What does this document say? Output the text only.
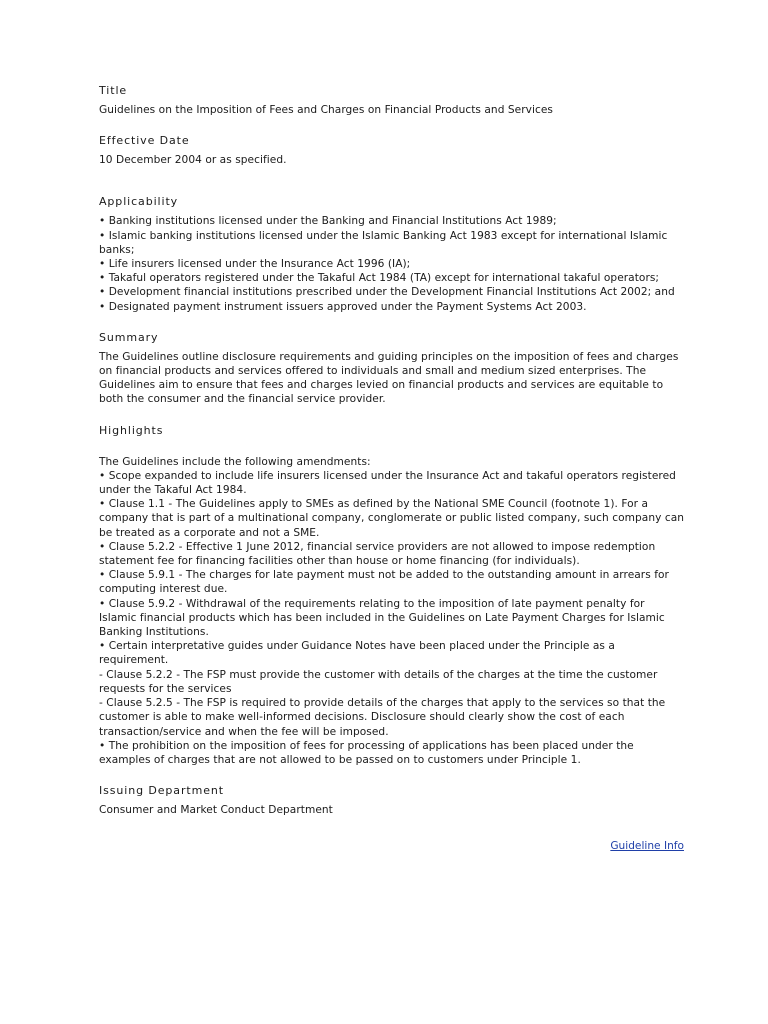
Title

Guidelines on the Imposition of Fees and Charges on Financial Products and Services

Effective Date

10 December 2004 or as specified.

Applicability

• Banking institutions licensed under the Banking and Financial Institutions Act 1989;

• Islamic banking institutions licensed under the Islamic Banking Act 1983 except for international Islamic banks;

• Life insurers licensed under the Insurance Act 1996 (IA);

• Takaful operators registered under the Takaful Act 1984 (TA) except for international takaful operators;

• Development financial institutions prescribed under the Development Financial Institutions Act 2002; and

• Designated payment instrument issuers approved under the Payment Systems Act 2003.

Summary

The Guidelines outline disclosure requirements and guiding principles on the imposition of fees and charges on financial products and services offered to individuals and small and medium sized enterprises. The Guidelines aim to ensure that fees and charges levied on financial products and services are equitable to both the consumer and the financial service provider.

Highlights

The Guidelines include the following amendments:

• Scope expanded to include life insurers licensed under the Insurance Act and takaful operators registered under the Takaful Act 1984.

• Clause 1.1 - The Guidelines apply to SMEs as defined by the National SME Council (footnote 1). For a company that is part of a multinational company, conglomerate or public listed company, such company can be treated as a corporate and not a SME.

• Clause 5.2.2 - Effective 1 June 2012, financial service providers are not allowed to impose redemption statement fee for financing facilities other than house or home financing (for individuals).

• Clause 5.9.1 - The charges for late payment must not be added to the outstanding amount in arrears for computing interest due.

• Clause 5.9.2 - Withdrawal of the requirements relating to the imposition of late payment penalty for Islamic financial products which has been included in the Guidelines on Late Payment Charges for Islamic Banking Institutions.

• Certain interpretative guides under Guidance Notes have been placed under the Principle as a requirement.

- Clause 5.2.2 - The FSP must provide the customer with details of the charges at the time the customer requests for the services

- Clause 5.2.5 - The FSP is required to provide details of the charges that apply to the services so that the customer is able to make well-informed decisions. Disclosure should clearly show the cost of each transaction/service and when the fee will be imposed.

• The prohibition on the imposition of fees for processing of applications has been placed under the examples of charges that are not allowed to be passed on to customers under Principle 1.

Issuing Department

Consumer and Market Conduct Department

Guideline Info
